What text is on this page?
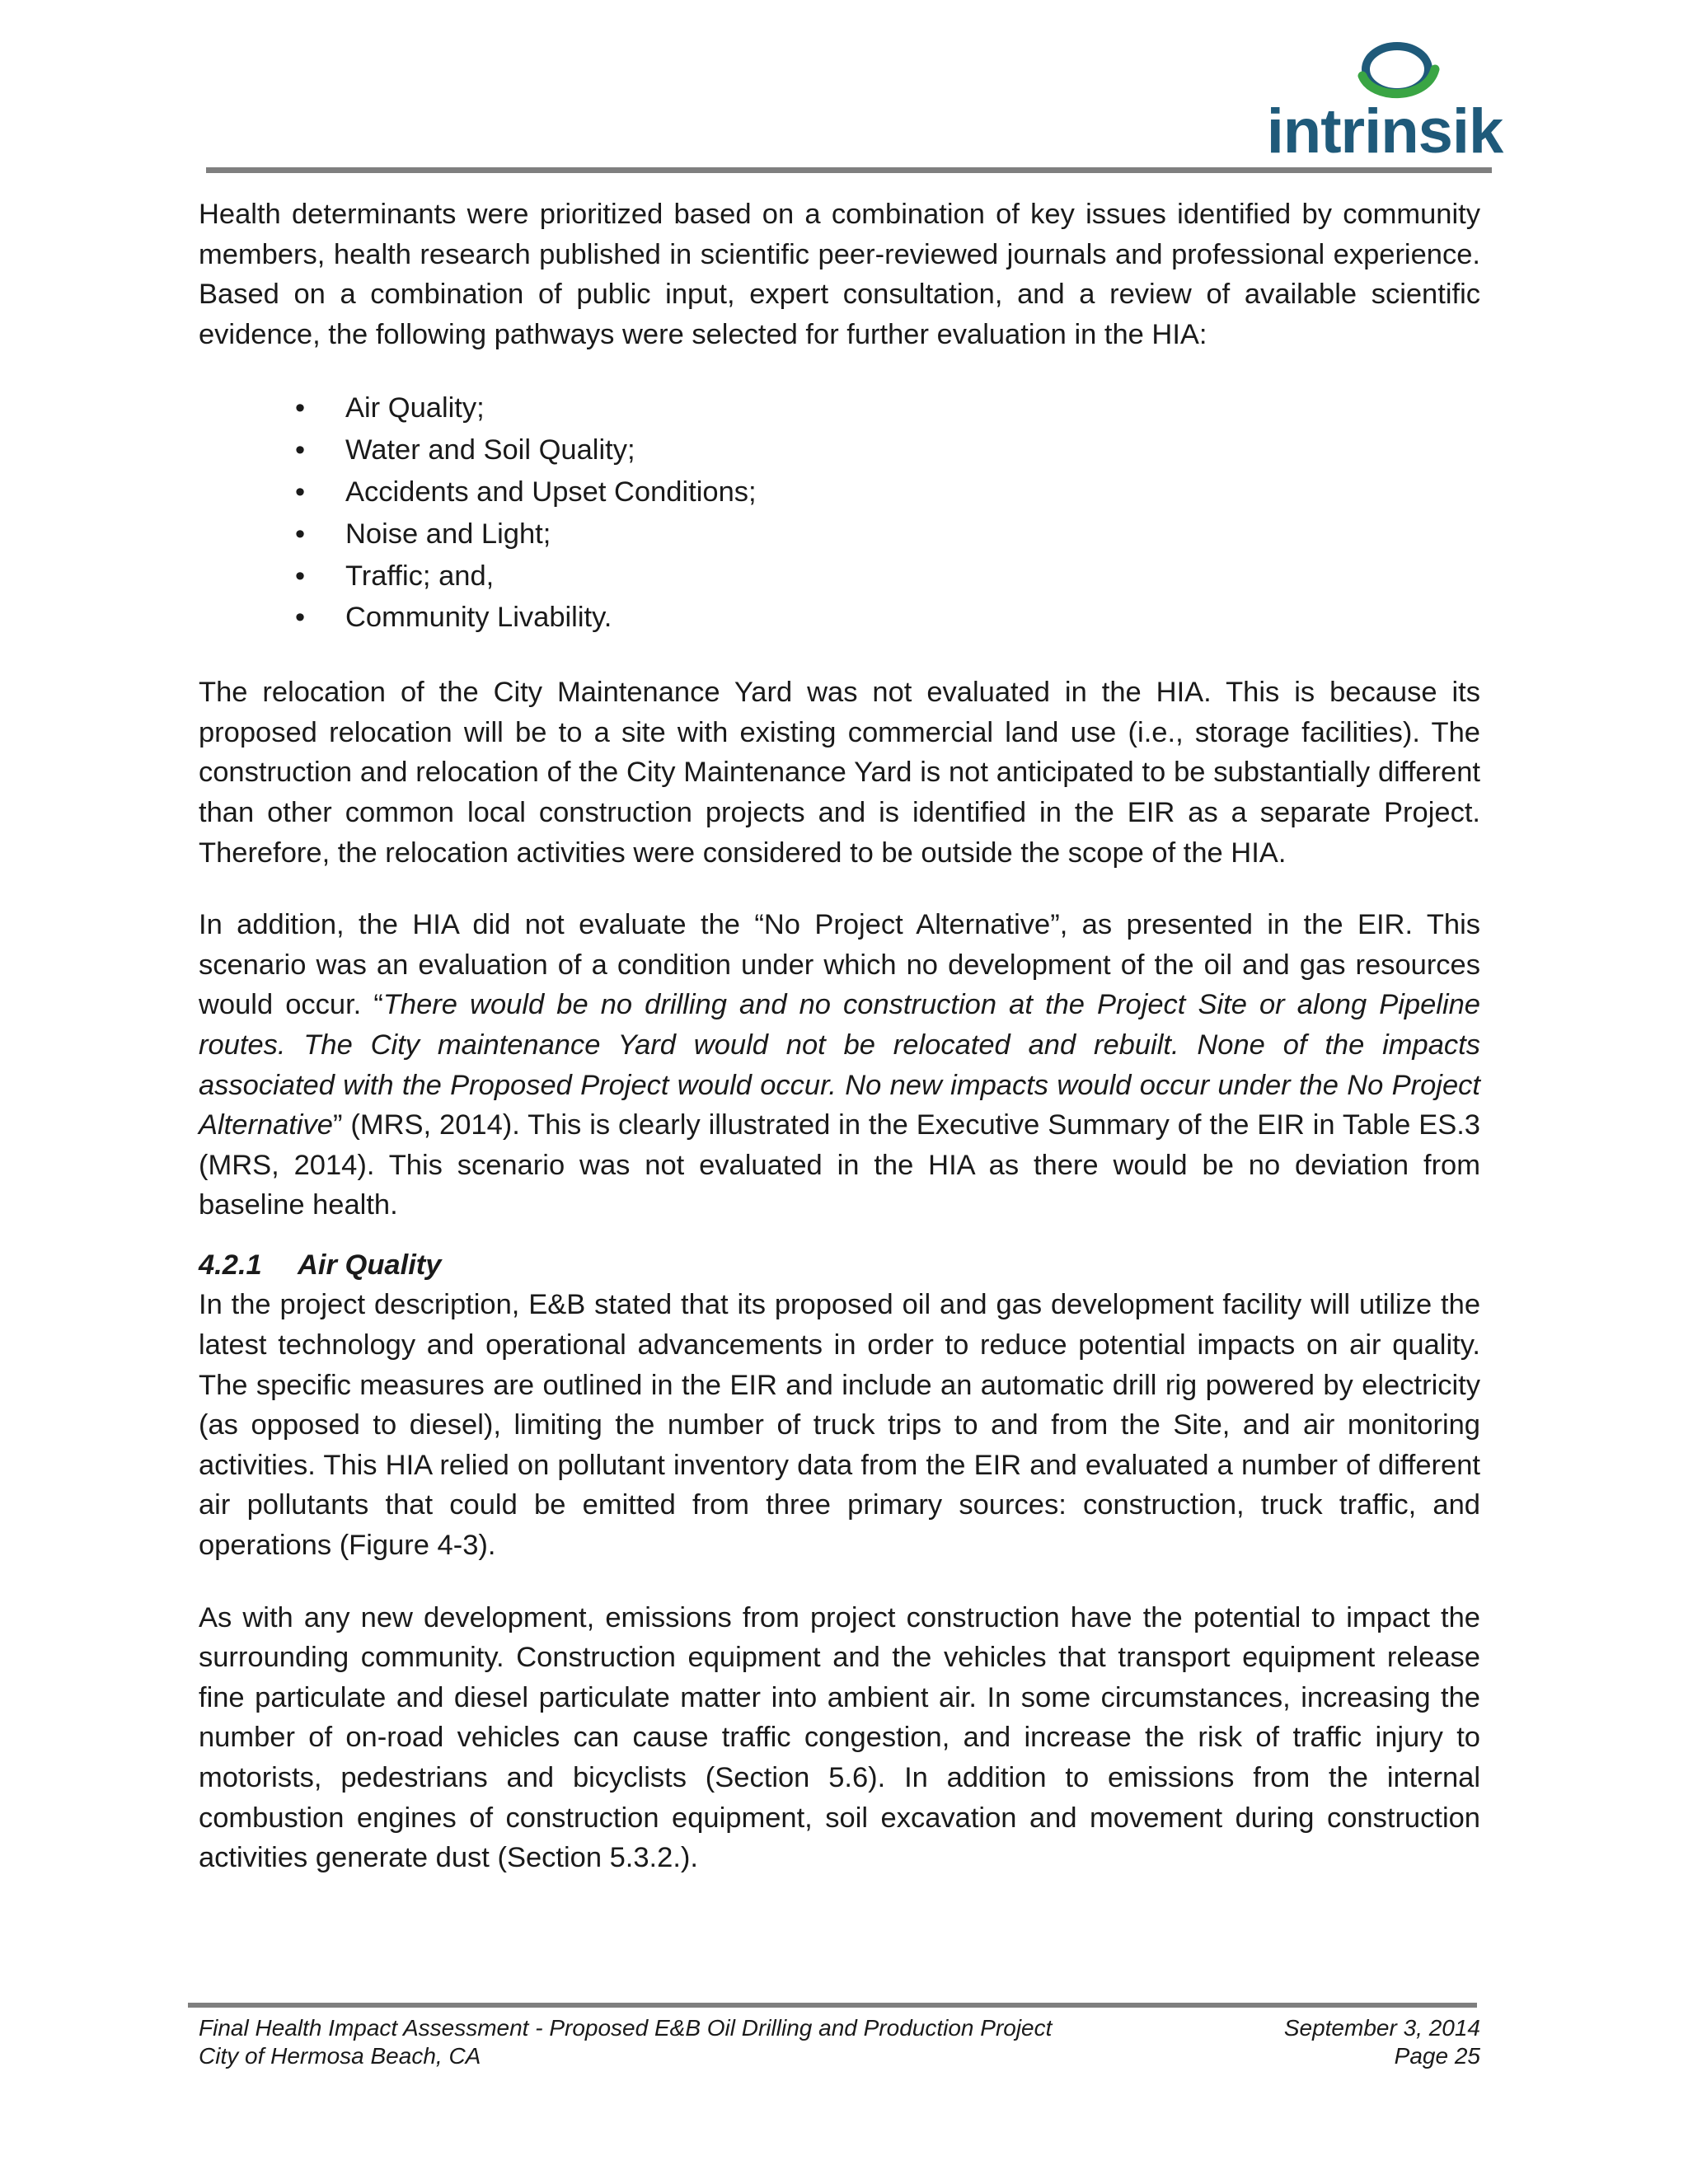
intrinsik

Health determinants were prioritized based on a combination of key issues identified by community members, health research published in scientific peer-reviewed journals and professional experience. Based on a combination of public input, expert consultation, and a review of available scientific evidence, the following pathways were selected for further evaluation in the HIA:

• Air Quality;
• Water and Soil Quality;
• Accidents and Upset Conditions;
• Noise and Light;
• Traffic; and,
• Community Livability.

The relocation of the City Maintenance Yard was not evaluated in the HIA. This is because its proposed relocation will be to a site with existing commercial land use (i.e., storage facilities). The construction and relocation of the City Maintenance Yard is not anticipated to be substantially different than other common local construction projects and is identified in the EIR as a separate Project. Therefore, the relocation activities were considered to be outside the scope of the HIA.

In addition, the HIA did not evaluate the “No Project Alternative”, as presented in the EIR. This scenario was an evaluation of a condition under which no development of the oil and gas resources would occur. “There would be no drilling and no construction at the Project Site or along Pipeline routes. The City maintenance Yard would not be relocated and rebuilt. None of the impacts associated with the Proposed Project would occur. No new impacts would occur under the No Project Alternative” (MRS, 2014). This is clearly illustrated in the Executive Summary of the EIR in Table ES.3 (MRS, 2014). This scenario was not evaluated in the HIA as there would be no deviation from baseline health.

4.2.1 Air Quality

In the project description, E&B stated that its proposed oil and gas development facility will utilize the latest technology and operational advancements in order to reduce potential impacts on air quality. The specific measures are outlined in the EIR and include an automatic drill rig powered by electricity (as opposed to diesel), limiting the number of truck trips to and from the Site, and air monitoring activities. This HIA relied on pollutant inventory data from the EIR and evaluated a number of different air pollutants that could be emitted from three primary sources: construction, truck traffic, and operations (Figure 4-3).

As with any new development, emissions from project construction have the potential to impact the surrounding community. Construction equipment and the vehicles that transport equipment release fine particulate and diesel particulate matter into ambient air. In some circumstances, increasing the number of on-road vehicles can cause traffic congestion, and increase the risk of traffic injury to motorists, pedestrians and bicyclists (Section 5.6). In addition to emissions from the internal combustion engines of construction equipment, soil excavation and movement during construction activities generate dust (Section 5.3.2.).

Final Health Impact Assessment - Proposed E&B Oil Drilling and Production Project	September 3, 2014
City of Hermosa Beach, CA	Page 25
